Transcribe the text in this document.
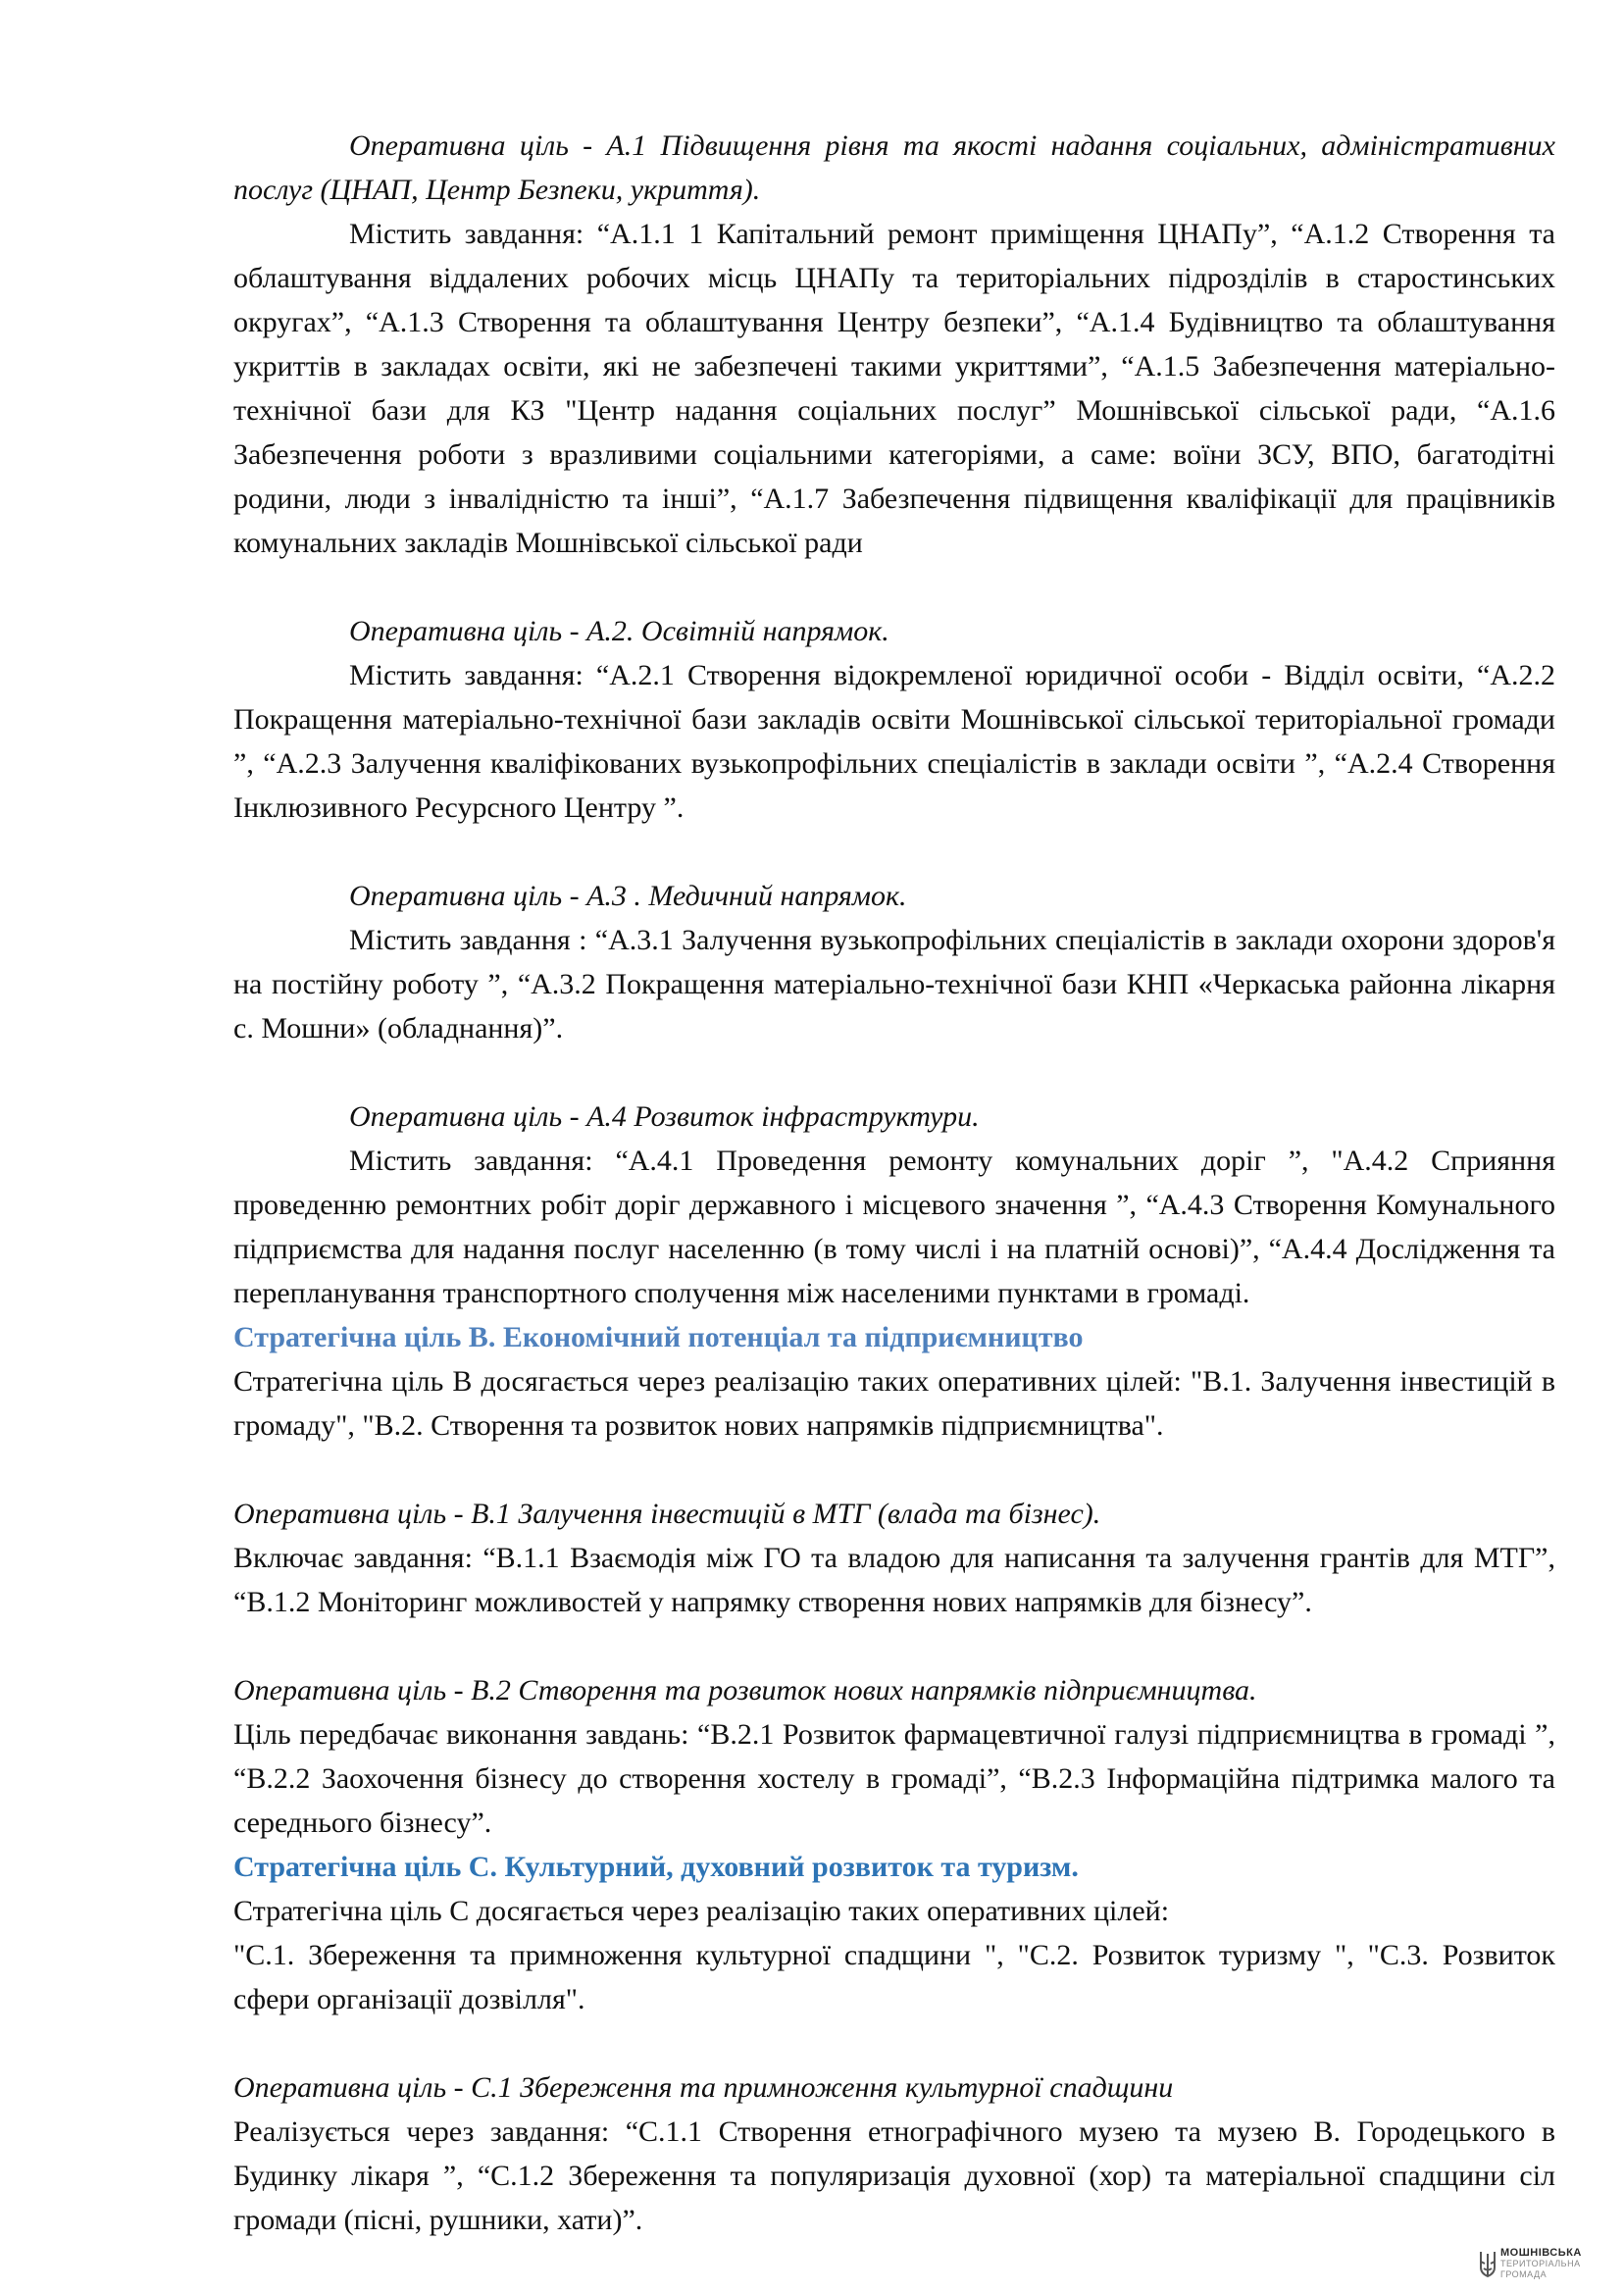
Оперативна ціль - А.1 Підвищення рівня та якості надання соціальних, адміністративних послуг (ЦНАП, Центр Безпеки, укриття).

Містить завдання: “А.1.1 1 Капітальний ремонт приміщення ЦНАПу”, “А.1.2 Створення та облаштування віддалених робочих місць ЦНАПу та територіальних підрозділів в старостинських округах”, “А.1.3 Створення та облаштування Центру безпеки”, “А.1.4 Будівництво та облаштування укриттів в закладах освіти, які не забезпечені такими укриттями”, “А.1.5 Забезпечення матеріально-технічної бази для КЗ "Центр надання соціальних послуг” Мошнівської сільської ради, “А.1.6 Забезпечення роботи з вразливими соціальними категоріями, а саме: воїни ЗСУ, ВПО, багатодітні родини, люди з інвалідністю та інші”, “А.1.7 Забезпечення підвищення кваліфікації для працівників комунальних закладів Мошнівської сільської ради

Оперативна ціль - А.2. Освітній напрямок.

Містить завдання: “А.2.1 Створення відокремленої юридичної особи - Відділ освіти, “А.2.2 Покращення матеріально-технічної бази закладів освіти Мошнівської сільської територіальної громади ”, “А.2.3 Залучення кваліфікованих вузькопрофільних спеціалістів в заклади освіти ”, “А.2.4 Створення Інклюзивного Ресурсного Центру ”.

Оперативна ціль - А.3 . Медичний напрямок.

Містить завдання : “А.3.1 Залучення вузькопрофільних спеціалістів в заклади охорони здоров'я на постійну роботу ”, “А.3.2 Покращення матеріально-технічної бази КНП «Черкаська районна лікарня с. Мошни» (обладнання)”.

Оперативна ціль - А.4 Розвиток інфраструктури.

Містить завдання: “А.4.1 Проведення ремонту комунальних доріг ”, "А.4.2 Сприяння проведенню ремонтних робіт доріг державного і місцевого значення ”, “А.4.3 Створення Комунального підприємства для надання послуг населенню (в тому числі і на платній основі)”, “А.4.4 Дослідження та перепланування транспортного сполучення між населеними пунктами в громаді.

Стратегічна ціль В. Економічний потенціал та підприємництво

Стратегічна ціль В досягається через реалізацію таких оперативних цілей: "В.1. Залучення інвестицій в громаду", "В.2. Створення та розвиток нових напрямків підприємництва".

Оперативна ціль - В.1 Залучення інвестицій в МТГ (влада та бізнес).

Включає завдання: “В.1.1 Взаємодія між ГО та владою для написання та залучення грантів для МТГ”, “В.1.2 Моніторинг можливостей у напрямку створення нових напрямків для бізнесу”.

Оперативна ціль - В.2 Створення та розвиток нових напрямків підприємництва.

Ціль передбачає виконання завдань: “В.2.1 Розвиток фармацевтичної галузі підприємництва в громаді ”, “В.2.2 Заохочення бізнесу до створення хостелу в громаді”, “В.2.3 Інформаційна підтримка малого та середнього бізнесу”.

Стратегічна ціль С. Культурний, духовний розвиток та туризм.

Стратегічна ціль С досягається через реалізацію таких оперативних цілей:

"С.1. Збереження та примноження культурної спадщини ", "С.2. Розвиток туризму ", "С.3. Розвиток сфери організації дозвілля".

Оперативна ціль - С.1 Збереження та примноження культурної спадщини

Реалізується через завдання: “С.1.1 Створення етнографічного музею та музею В. Городецького в Будинку лікаря ”, “С.1.2 Збереження та популяризація духовної (хор) та матеріальної спадщини сіл громади (пісні, рушники, хати)”.

МОШНІВСЬКА
ТЕРИТОРІАЛЬНА
ГРОМАДА
